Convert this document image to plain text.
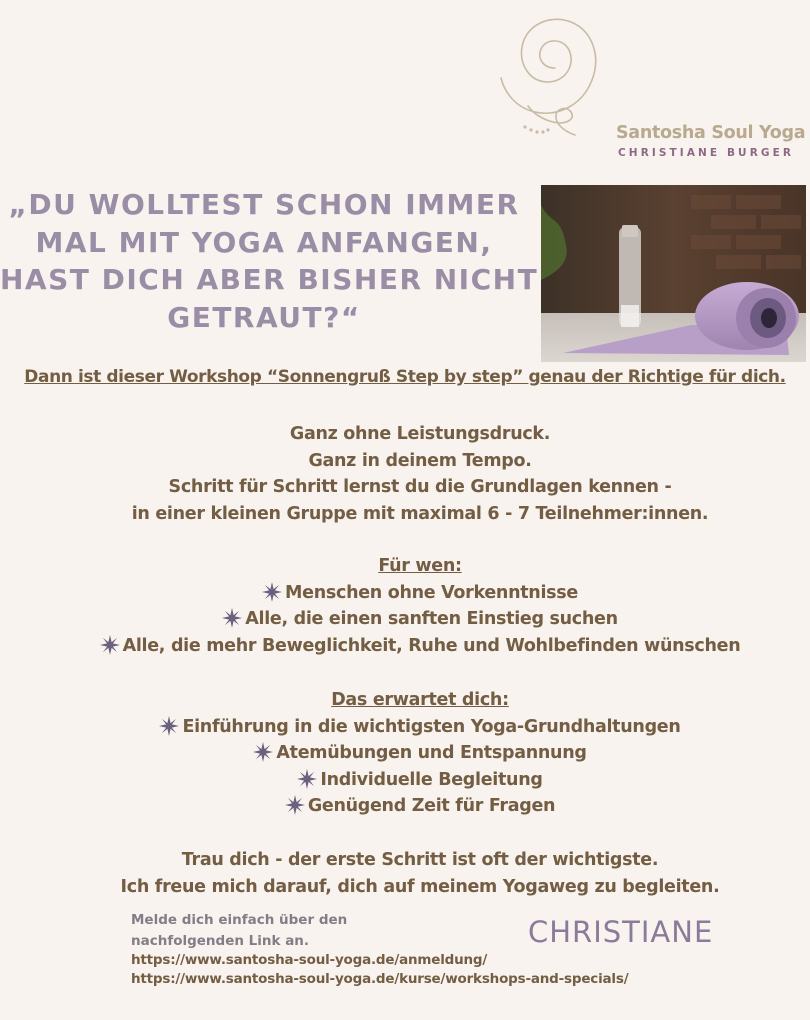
Santosha Soul Yoga
CHRISTIANE BURGER
„DU WOLLTEST SCHON IMMER
MAL MIT YOGA ANFANGEN,
HAST DICH ABER BISHER NICHT
GETRAUT?“
Dann ist dieser Workshop “Sonnengruß Step by step” genau der Richtige für dich.
Ganz ohne Leistungsdruck.
Ganz in deinem Tempo.
Schritt für Schritt lernst du die Grundlagen kennen -
in einer kleinen Gruppe mit maximal 6 - 7 Teilnehmer:innen.
Für wen:
Menschen ohne Vorkenntnisse
Alle, die einen sanften Einstieg suchen
Alle, die mehr Beweglichkeit, Ruhe und Wohlbefinden wünschen
Das erwartet dich:
Einführung in die wichtigsten Yoga-Grundhaltungen
Atemübungen und Entspannung
Individuelle Begleitung
Genügend Zeit für Fragen
Trau dich - der erste Schritt ist oft der wichtigste.
Ich freue mich darauf, dich auf meinem Yogaweg zu begleiten.
Melde dich einfach über den
nachfolgenden Link an.	CHRISTIANE
https://www.santosha-soul-yoga.de/anmeldung/
https://www.santosha-soul-yoga.de/kurse/workshops-and-specials/
